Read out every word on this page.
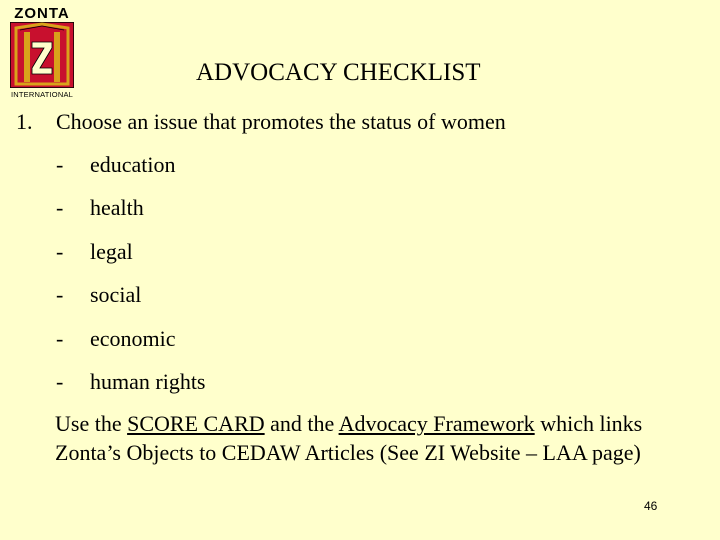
ZONTA
INTERNATIONAL
ADVOCACY CHECKLIST
1. Choose an issue that promotes the status of women
- education
- health
- legal
- social
- economic
- human rights

Use the SCORE CARD and the Advocacy Framework which links Zonta’s Objects to CEDAW Articles (See ZI Website – LAA page)

46
